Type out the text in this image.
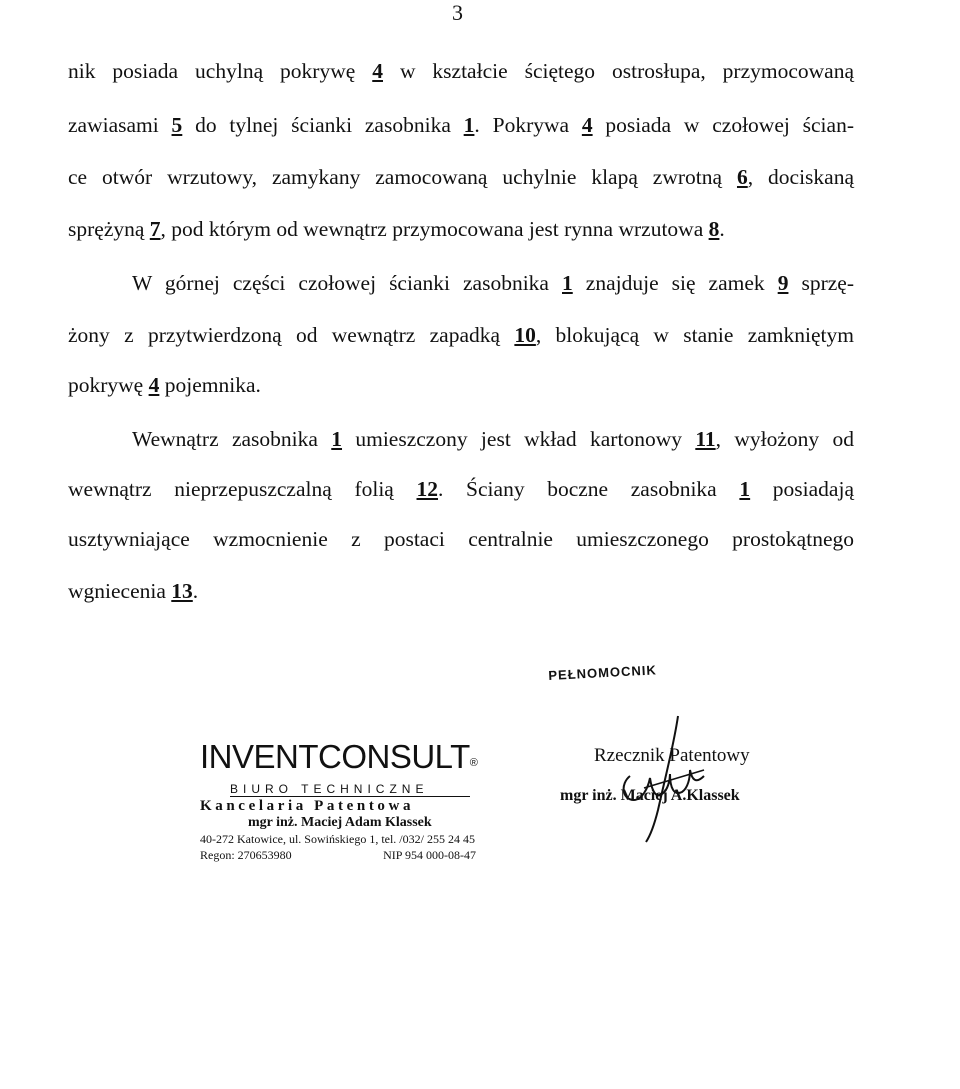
3
nik posiada uchylną pokrywę 4 w kształcie ściętego ostrosłupa, przymocowaną
zawiasami 5 do tylnej ścianki zasobnika 1. Pokrywa 4 posiada w czołowej ścian-
ce otwór wrzutowy, zamykany zamocowaną uchylnie klapą zwrotną 6, dociskaną
sprężyną 7, pod którym od wewnątrz przymocowana jest rynna wrzutowa 8.
W górnej części czołowej ścianki zasobnika 1 znajduje się zamek 9 sprzę-
żony z przytwierdzoną od wewnątrz zapadką 10, blokującą w stanie zamkniętym
pokrywę 4 pojemnika.
Wewnątrz zasobnika 1 umieszczony jest wkład kartonowy 11, wyłożony od
wewnątrz nieprzepuszczalną folią 12. Ściany boczne zasobnika 1 posiadają
usztywniające wzmocnienie z postaci centralnie umieszczonego prostokątnego
wgniecenia 13.
PEŁNOMOCNIK
INVENTCONSULT®
BIURO TECHNICZNE
Kancelaria Patentowa
mgr inż. Maciej Adam Klassek
40-272 Katowice, ul. Sowińskiego 1, tel. /032/ 255 24 45
Regon: 270653980	NIP 954 000-08-47
Rzecznik Patentowy
mgr inż. Maciej A.Klassek
